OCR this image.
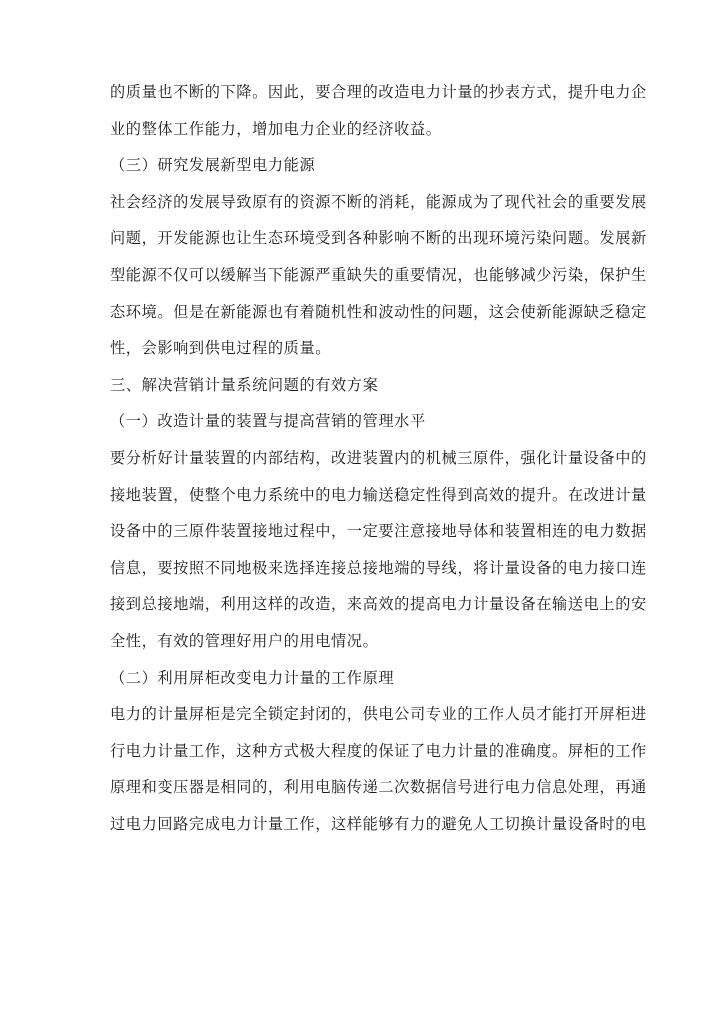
的质量也不断的下降。因此，要合理的改造电力计量的抄表方式，提升电力企
业的整体工作能力，增加电力企业的经济收益。
（三）研究发展新型电力能源
社会经济的发展导致原有的资源不断的消耗，能源成为了现代社会的重要发展
问题，开发能源也让生态环境受到各种影响不断的出现环境污染问题。发展新
型能源不仅可以缓解当下能源严重缺失的重要情况，也能够减少污染，保护生
态环境。但是在新能源也有着随机性和波动性的问题，这会使新能源缺乏稳定
性，会影响到供电过程的质量。
三、解决营销计量系统问题的有效方案
（一）改造计量的装置与提高营销的管理水平
要分析好计量装置的内部结构，改进装置内的机械三原件，强化计量设备中的
接地装置，使整个电力系统中的电力输送稳定性得到高效的提升。在改进计量
设备中的三原件装置接地过程中，一定要注意接地导体和装置相连的电力数据
信息，要按照不同地极来选择连接总接地端的导线，将计量设备的电力接口连
接到总接地端，利用这样的改造，来高效的提高电力计量设备在输送电上的安
全性，有效的管理好用户的用电情况。
（二）利用屏柜改变电力计量的工作原理
电力的计量屏柜是完全锁定封闭的，供电公司专业的工作人员才能打开屏柜进
行电力计量工作，这种方式极大程度的保证了电力计量的准确度。屏柜的工作
原理和变压器是相同的，利用电脑传递二次数据信号进行电力信息处理，再通
过电力回路完成电力计量工作，这样能够有力的避免人工切换计量设备时的电
